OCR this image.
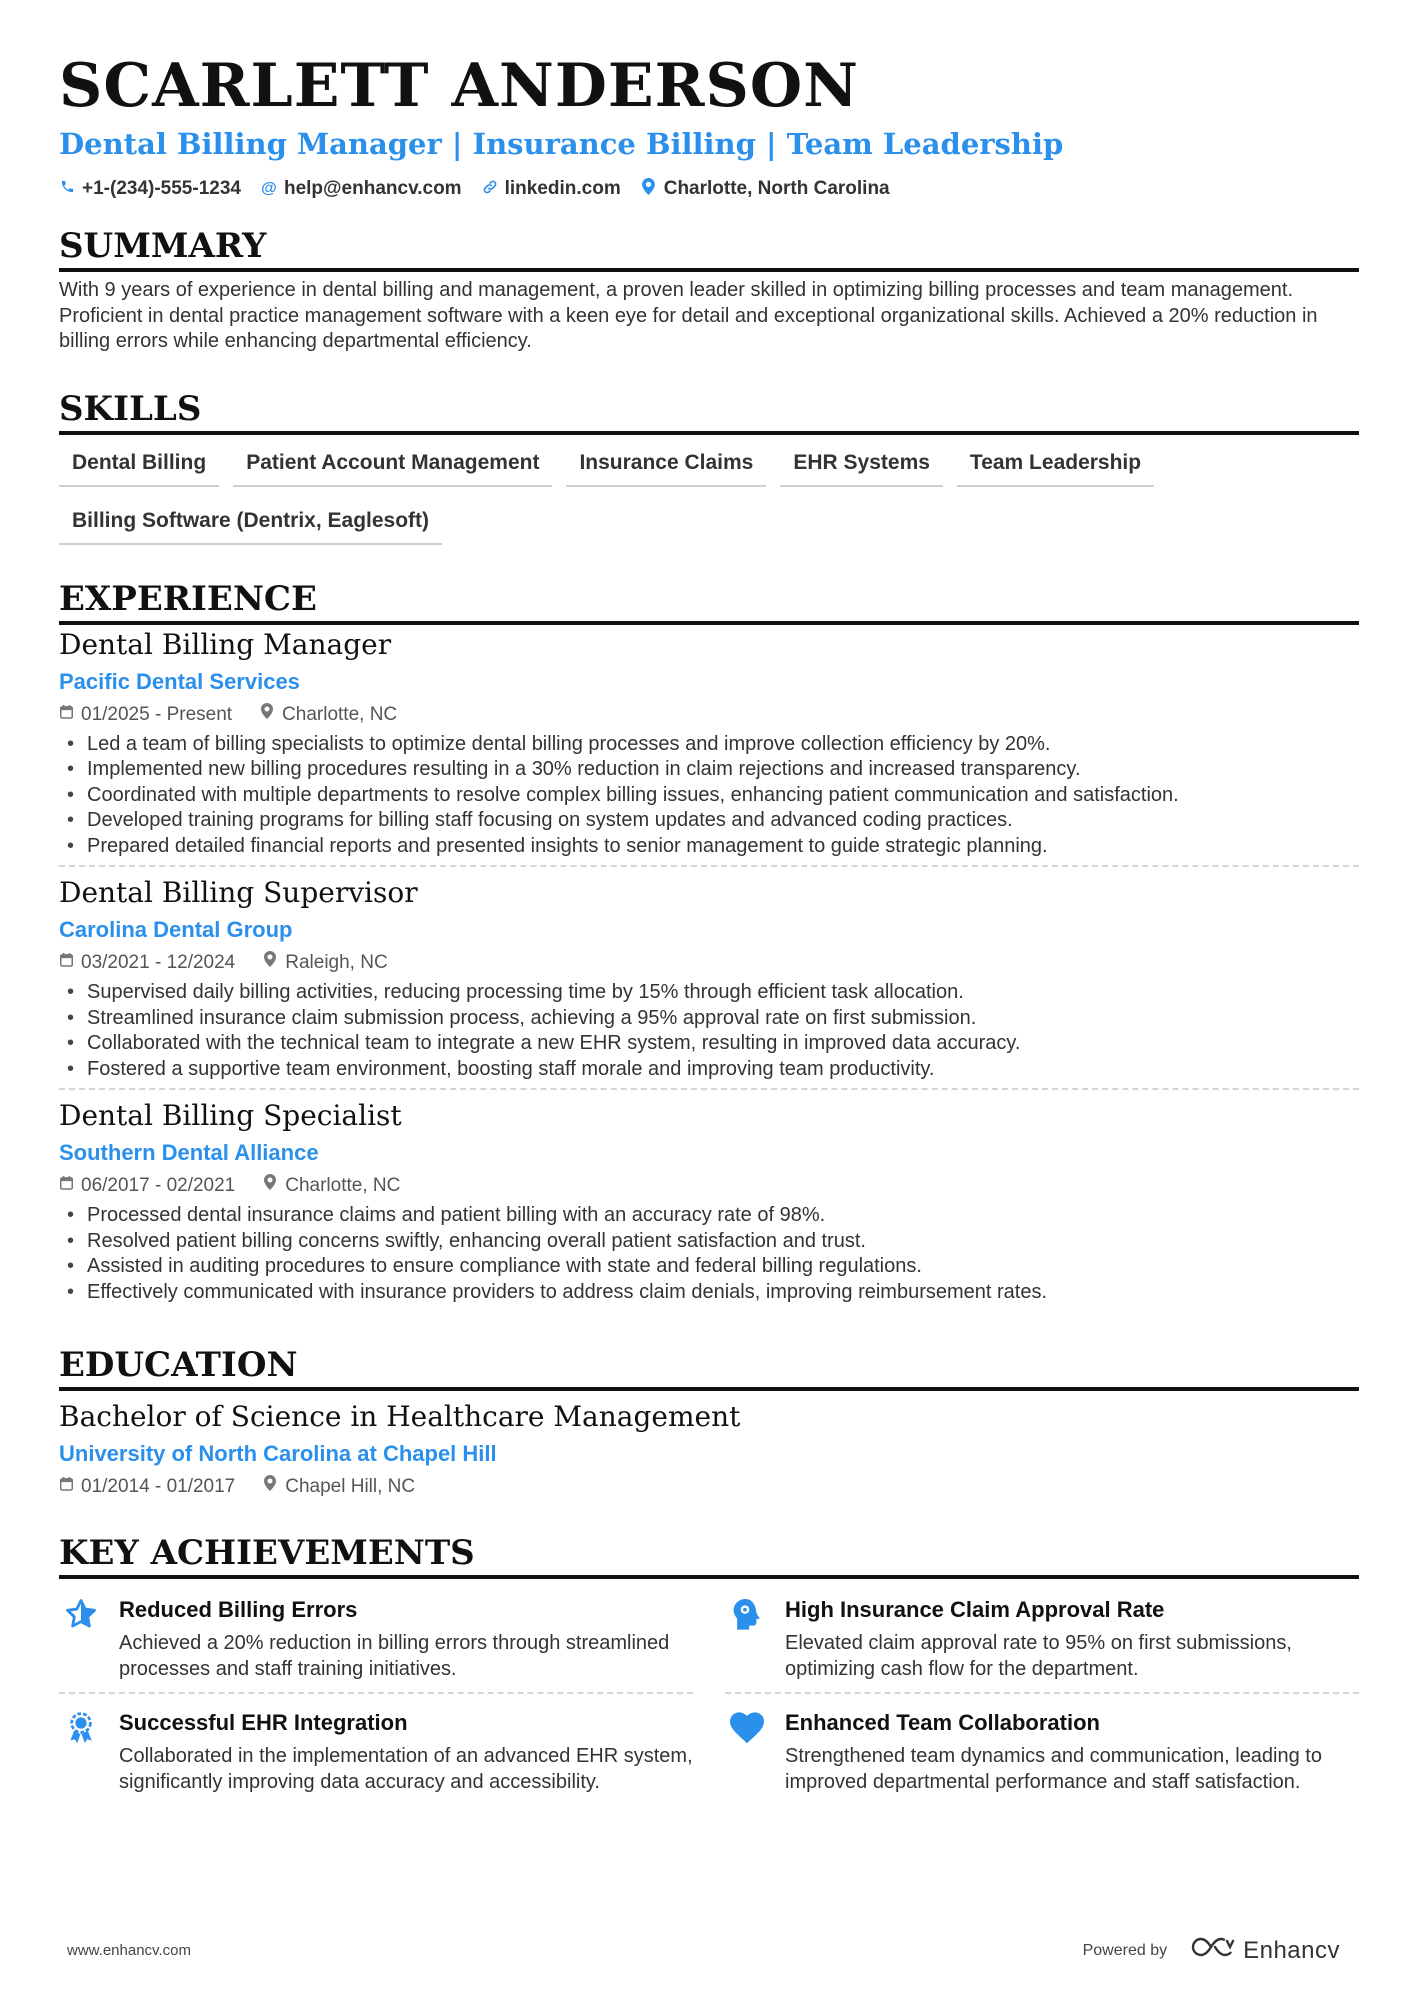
SCARLETT ANDERSON
Dental Billing Manager | Insurance Billing | Team Leadership
+1-(234)-555-1234 @ help@enhancv.com linkedin.com Charlotte, North Carolina
SUMMARY
With 9 years of experience in dental billing and management, a proven leader skilled in optimizing billing processes and team management. Proficient in dental practice management software with a keen eye for detail and exceptional organizational skills. Achieved a 20% reduction in billing errors while enhancing departmental efficiency.
SKILLS
Dental Billing	Patient Account Management	Insurance Claims	EHR Systems	Team Leadership
Billing Software (Dentrix, Eaglesoft)
EXPERIENCE
Dental Billing Manager
Pacific Dental Services
01/2025 - Present	Charlotte, NC
• Led a team of billing specialists to optimize dental billing processes and improve collection efficiency by 20%.
• Implemented new billing procedures resulting in a 30% reduction in claim rejections and increased transparency.
• Coordinated with multiple departments to resolve complex billing issues, enhancing patient communication and satisfaction.
• Developed training programs for billing staff focusing on system updates and advanced coding practices.
• Prepared detailed financial reports and presented insights to senior management to guide strategic planning.
Dental Billing Supervisor
Carolina Dental Group
03/2021 - 12/2024	Raleigh, NC
• Supervised daily billing activities, reducing processing time by 15% through efficient task allocation.
• Streamlined insurance claim submission process, achieving a 95% approval rate on first submission.
• Collaborated with the technical team to integrate a new EHR system, resulting in improved data accuracy.
• Fostered a supportive team environment, boosting staff morale and improving team productivity.
Dental Billing Specialist
Southern Dental Alliance
06/2017 - 02/2021	Charlotte, NC
• Processed dental insurance claims and patient billing with an accuracy rate of 98%.
• Resolved patient billing concerns swiftly, enhancing overall patient satisfaction and trust.
• Assisted in auditing procedures to ensure compliance with state and federal billing regulations.
• Effectively communicated with insurance providers to address claim denials, improving reimbursement rates.
EDUCATION
Bachelor of Science in Healthcare Management
University of North Carolina at Chapel Hill
01/2014 - 01/2017	Chapel Hill, NC
KEY ACHIEVEMENTS
Reduced Billing Errors
Achieved a 20% reduction in billing errors through streamlined processes and staff training initiatives.
High Insurance Claim Approval Rate
Elevated claim approval rate to 95% on first submissions, optimizing cash flow for the department.
Successful EHR Integration
Collaborated in the implementation of an advanced EHR system, significantly improving data accuracy and accessibility.
Enhanced Team Collaboration
Strengthened team dynamics and communication, leading to improved departmental performance and staff satisfaction.
www.enhancv.com	Powered by	Enhancv
